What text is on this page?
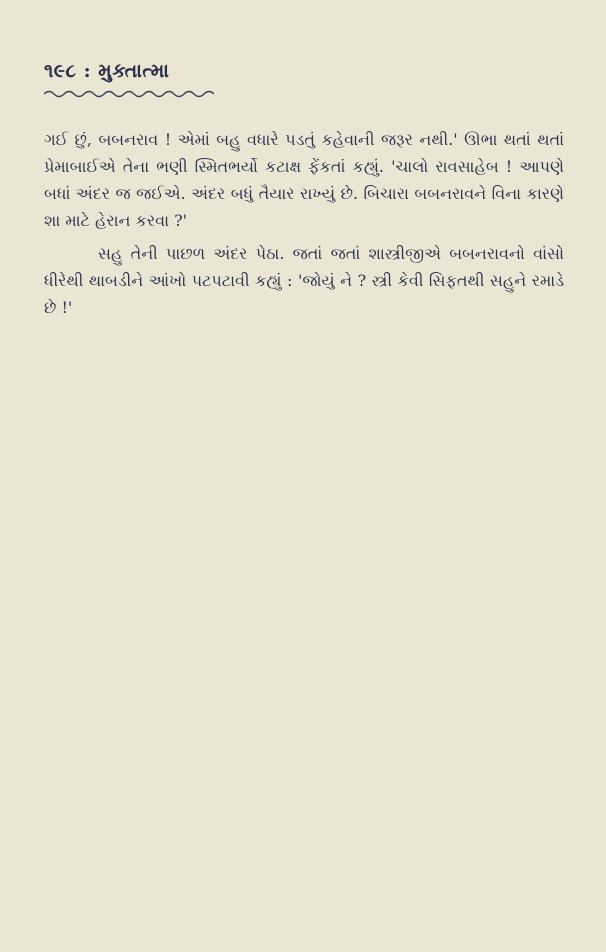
૧૯૮ : મુક્તાત્મા

ગઈ છું, બબનરાવ ! એમાં બહુ વધારે પડતું કહેવાની જરૂર નથી.' ઊભા થતાં થતાં પ્રેમાબાઈએ તેના ભણી સ્મિતભર્યો કટાક્ષ ફેંકતાં કહ્યું. 'ચાલો રાવસાહેબ ! આપણે બધાં અંદર જ જઈએ. અંદર બધું તૈયાર રાખ્યું છે. બિચારા બબનરાવને વિના કારણે શા માટે હેરાન કરવા ?'

સહુ તેની પાછળ અંદર પેઠા. જતાં જતાં શાસ્ત્રીજીએ બબનરાવનો વાંસો ધીરેથી થાબડીને આંખો પટપટાવી કહ્યું : 'જોયું ને ? સ્ત્રી કેવી સિફતથી સહુને રમાડે છે !'
